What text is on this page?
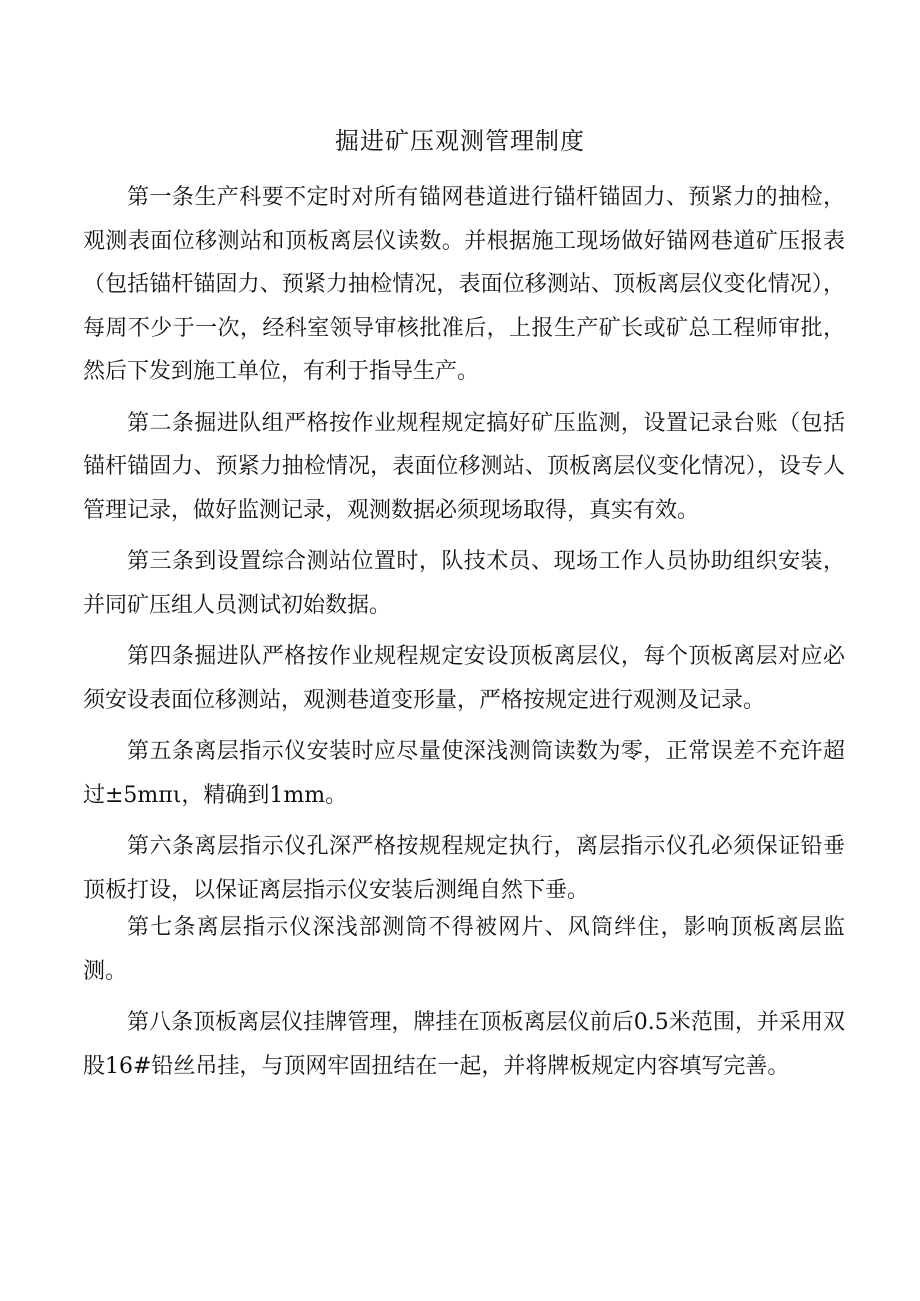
掘进矿压观测管理制度

第一条生产科要不定时对所有锚网巷道进行锚杆锚固力、预紧力的抽检，观测表面位移测站和顶板离层仪读数。并根据施工现场做好锚网巷道矿压报表（包括锚杆锚固力、预紧力抽检情况，表面位移测站、顶板离层仪变化情况），每周不少于一次，经科室领导审核批准后，上报生产矿长或矿总工程师审批，然后下发到施工单位，有利于指导生产。

第二条掘进队组严格按作业规程规定搞好矿压监测，设置记录台账（包括锚杆锚固力、预紧力抽检情况，表面位移测站、顶板离层仪变化情况），设专人管理记录，做好监测记录，观测数据必须现场取得，真实有效。

第三条到设置综合测站位置时，队技术员、现场工作人员协助组织安装，并同矿压组人员测试初始数据。

第四条掘进队严格按作业规程规定安设顶板离层仪，每个顶板离层对应必须安设表面位移测站，观测巷道变形量，严格按规定进行观测及记录。

第五条离层指示仪安装时应尽量使深浅测筒读数为零，正常误差不充许超过±5mπι，精确到1mm。

第六条离层指示仪孔深严格按规程规定执行，离层指示仪孔必须保证铅垂顶板打设，以保证离层指示仪安装后测绳自然下垂。

第七条离层指示仪深浅部测筒不得被网片、风筒绊住，影响顶板离层监测。

第八条顶板离层仪挂牌管理，牌挂在顶板离层仪前后0.5米范围，并采用双股16#铅丝吊挂，与顶网牢固扭结在一起，并将牌板规定内容填写完善。
